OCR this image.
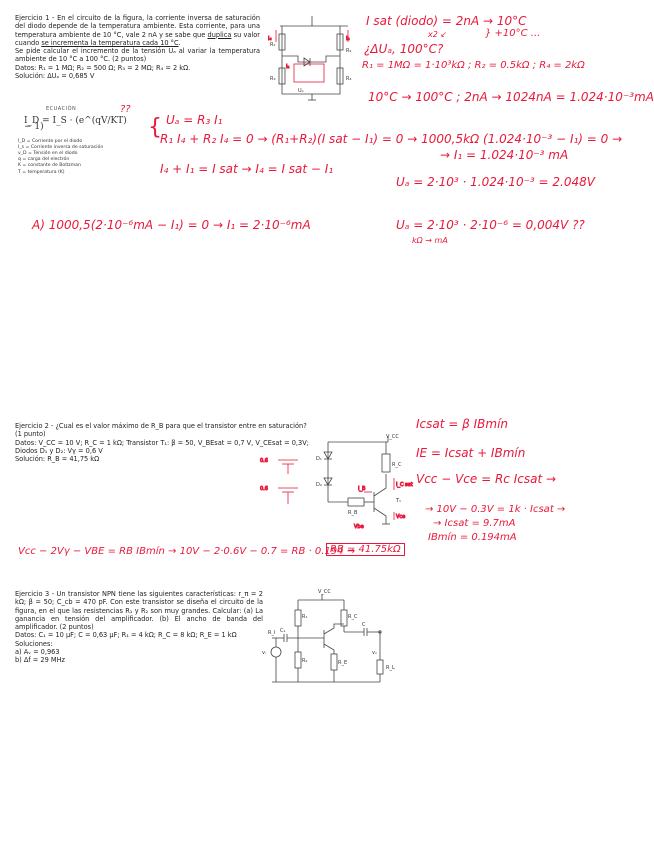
Ejercicio 1 - En el circuito de la figura, la corriente inversa de saturación del diodo depende de la temperatura ambiente. Esta corriente, para una temperatura ambiente de 10 °C, vale 2 nA y se sabe que duplica su valor cuando se incrementa la temperatura cada 10 °C.

Se pide calcular el incremento de la tensión Uₐ al variar la temperatura ambiente de 10 °C a 100 °C. (2 puntos)

Datos: R₁ = 1 MΩ; R₂ = 500 Ω; R₃ = 2 MΩ; R₄ = 2 kΩ.

Solución: ΔUₐ = 0,685 V

I₄	I₄
R₁
R₂
R₃	R₄
I₁
Uₐ
I sat (diodo) = 2nA → 10°C
x2 ↙	} +10°C ...
¿ΔUₐ, 100°C?
R₁ = 1MΩ = 1·10³kΩ ; R₂ = 0.5kΩ ; R₄ = 2kΩ
10°C → 100°C ; 2nA → 1024nA = 1.024·10⁻³mA
ECUACIÓN
I_D = I_S · (e^(qV/KT) − 1)
I_D = Corriente por el diodo
I_s = Corriente inversa de saturación
v_D = Tensión en el diodo
q = carga del electrón
K = constante de Boltzman
T = temperatura (K)
??
{ Uₐ = R₃ I₁
R₁ I₄ + R₂ I₄ = 0 → (R₁+R₂)(I sat − I₁) = 0 → 1000,5kΩ (1.024·10⁻³ − I₁) = 0 →
→ I₁ = 1.024·10⁻³ mA
I₄ + I₁ = I sat → I₄ = I sat − I₁
Uₐ = 2·10³ · 1.024·10⁻³ = 2.048V
A) 1000,5(2·10⁻⁶mA − I₁) = 0 → I₁ = 2·10⁻⁶mA	Uₐ = 2·10³ · 2·10⁻⁶ = 0,004V ??
kΩ → mA

Ejercicio 2 - ¿Cual es el valor máximo de R_B para que el transistor entre en saturación? (1 punto)

Datos: V_CC = 10 V; R_C = 1 kΩ; Transistor T₁: β = 50, V_BEsat = 0,7 V, V_CEsat = 0,3V;

Diodos D₁ y D₂: Vγ = 0,6 V

Solución: R_B = 41,75 kΩ

V_CC
D₁
D₂
R_C
R_B
T₁
0.6
0.6	I_B
I_C sat
Vce
Vbe
Icsat = β IBmín
IE = Icsat + IBmín
Vcc − Vce = Rc Icsat →
→ 10V − 0.3V = 1k · Icsat →
→ Icsat = 9.7mA
IBmín = 0.194mA
Vcc − 2Vγ − VBE = RB IBmín → 10V − 2·0.6V − 0.7 = RB · 0.194 →
RB = 41.75kΩ

Ejercicio 3 - Un transistor NPN tiene las siguientes características: r_π = 2 kΩ; β = 50; C_cb = 470 pF. Con este transistor se diseña el circuito de la figura, en el que las resistencias R₁ y R₂ son muy grandes. Calcular: (a) La ganancia en tensión del amplificador. (b) El ancho de banda del amplificador. (2 puntos)

Datos: C₁ = 10 μF; C = 0,63 μF; R₁ = 4 kΩ; R_C = 8 kΩ; R_E = 1 kΩ

Soluciones:

a) Aᵥ = 0,963

b) Δf = 29 MHz

V_CC
R₁	R_C
C₁
R_I
C
R₂	R_E
vᵢ	vₒ
R_L
